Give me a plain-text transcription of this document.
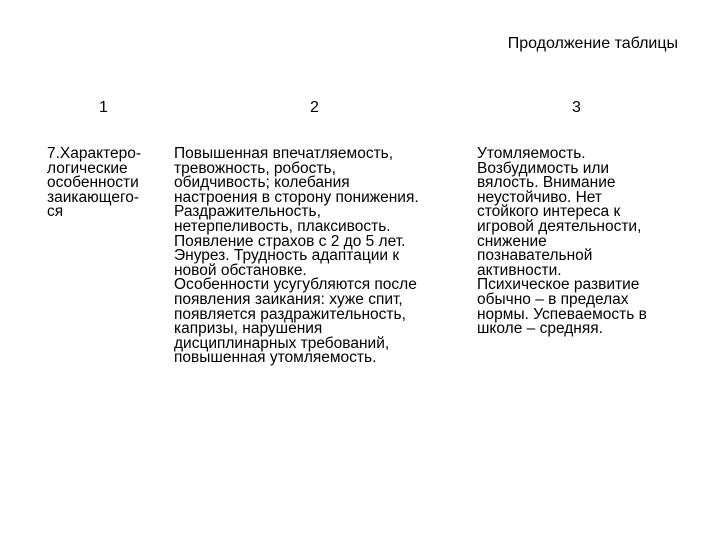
Продолжение таблицы
1	2	3
7.Характеро-
логические
особенности
заикающего-
ся
Повышенная впечатляемость,
тревожность, робость,
обидчивость; колебания
настроения в сторону понижения.
Раздражительность,
нетерпеливость, плаксивость.
Появление страхов с 2 до 5 лет.
Энурез. Трудность адаптации к
новой обстановке.
Особенности усугубляются после
появления заикания: хуже спит,
появляется раздражительность,
капризы, нарушения
дисциплинарных требований,
повышенная утомляемость.
Утомляемость.
Возбудимость или
вялость. Внимание
неустойчиво. Нет
стойкого интереса к
игровой деятельности,
снижение
познавательной
активности.
Психическое развитие
обычно – в пределах
нормы. Успеваемость в
школе – средняя.
